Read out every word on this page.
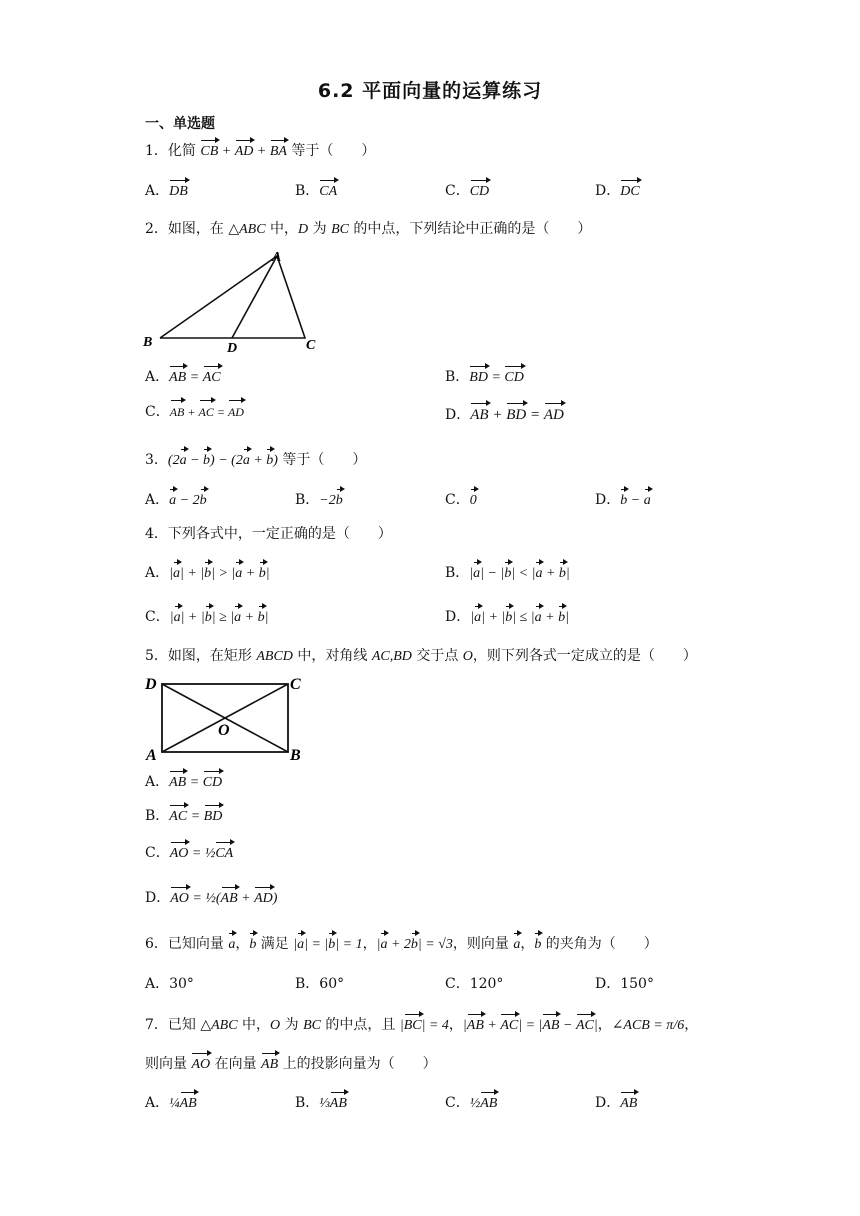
6.2 平面向量的运算练习
一、单选题
1．化简 CB + AD + BA 等于（　　）
A．DB	B．CA	C．CD	D．DC
2．如图，在 △ABC 中，D 为 BC 的中点，下列结论中正确的是（　　）
A
B	D	C
A．AB = AC	B．BD = CD
C．AB + AC = AD	D．AB + BD = AD
3．(2a − b) − (2a + b) 等于（　　）
A．a − 2b	B．−2b	C．0	D．b − a
4．下列各式中，一定正确的是（　　）
A．|a| + |b| > |a + b|	B．|a| − |b| < |a + b|
C．|a| + |b| ≥ |a + b|	D．|a| + |b| ≤ |a + b|
5．如图，在矩形 ABCD 中，对角线 AC,BD 交于点 O，则下列各式一定成立的是（　　）
D	C
O
A	B
A．AB = CD
B．AC = BD
C．AO = ½CA
D．AO = ½(AB + AD)
6．已知向量 a，b 满足 |a| = |b| = 1，|a + 2b| = √3，则向量 a，b 的夹角为（　　）
A．30°	B．60°	C．120°	D．150°
7．已知 △ABC 中，O 为 BC 的中点，且 |BC| = 4，|AB + AC| = |AB − AC|，∠ACB = π/6，
则向量 AO 在向量 AB 上的投影向量为（　　）
A．¼AB	B．⅓AB	C．½AB	D．AB
